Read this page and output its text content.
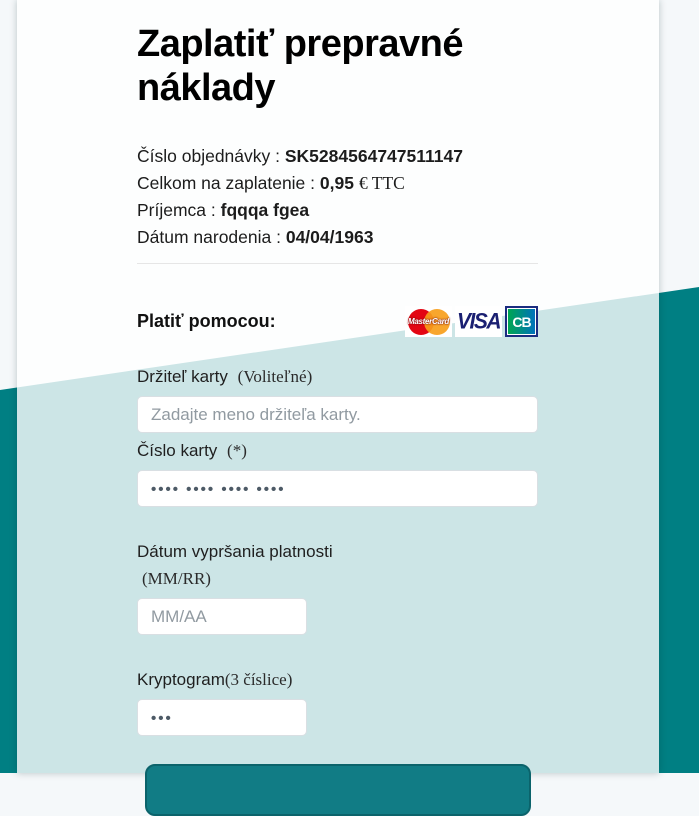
Zaplatiť prepravné náklady
Číslo objednávky : SK5284564747511147
Celkom na zaplatenie : 0,95 € TTC
Príjemca : fqqqa fgea
Dátum narodenia : 04/04/1963
Platiť pomocou:	MasterCard VISA CB
Držiteľ karty (Voliteľné)
Zadajte meno držiteľa karty.
Číslo karty (*)
•••• •••• •••• ••••
Dátum vypršania platnosti (MM/RR)
MM/AA
Kryptogram(3 číslice)
•••
